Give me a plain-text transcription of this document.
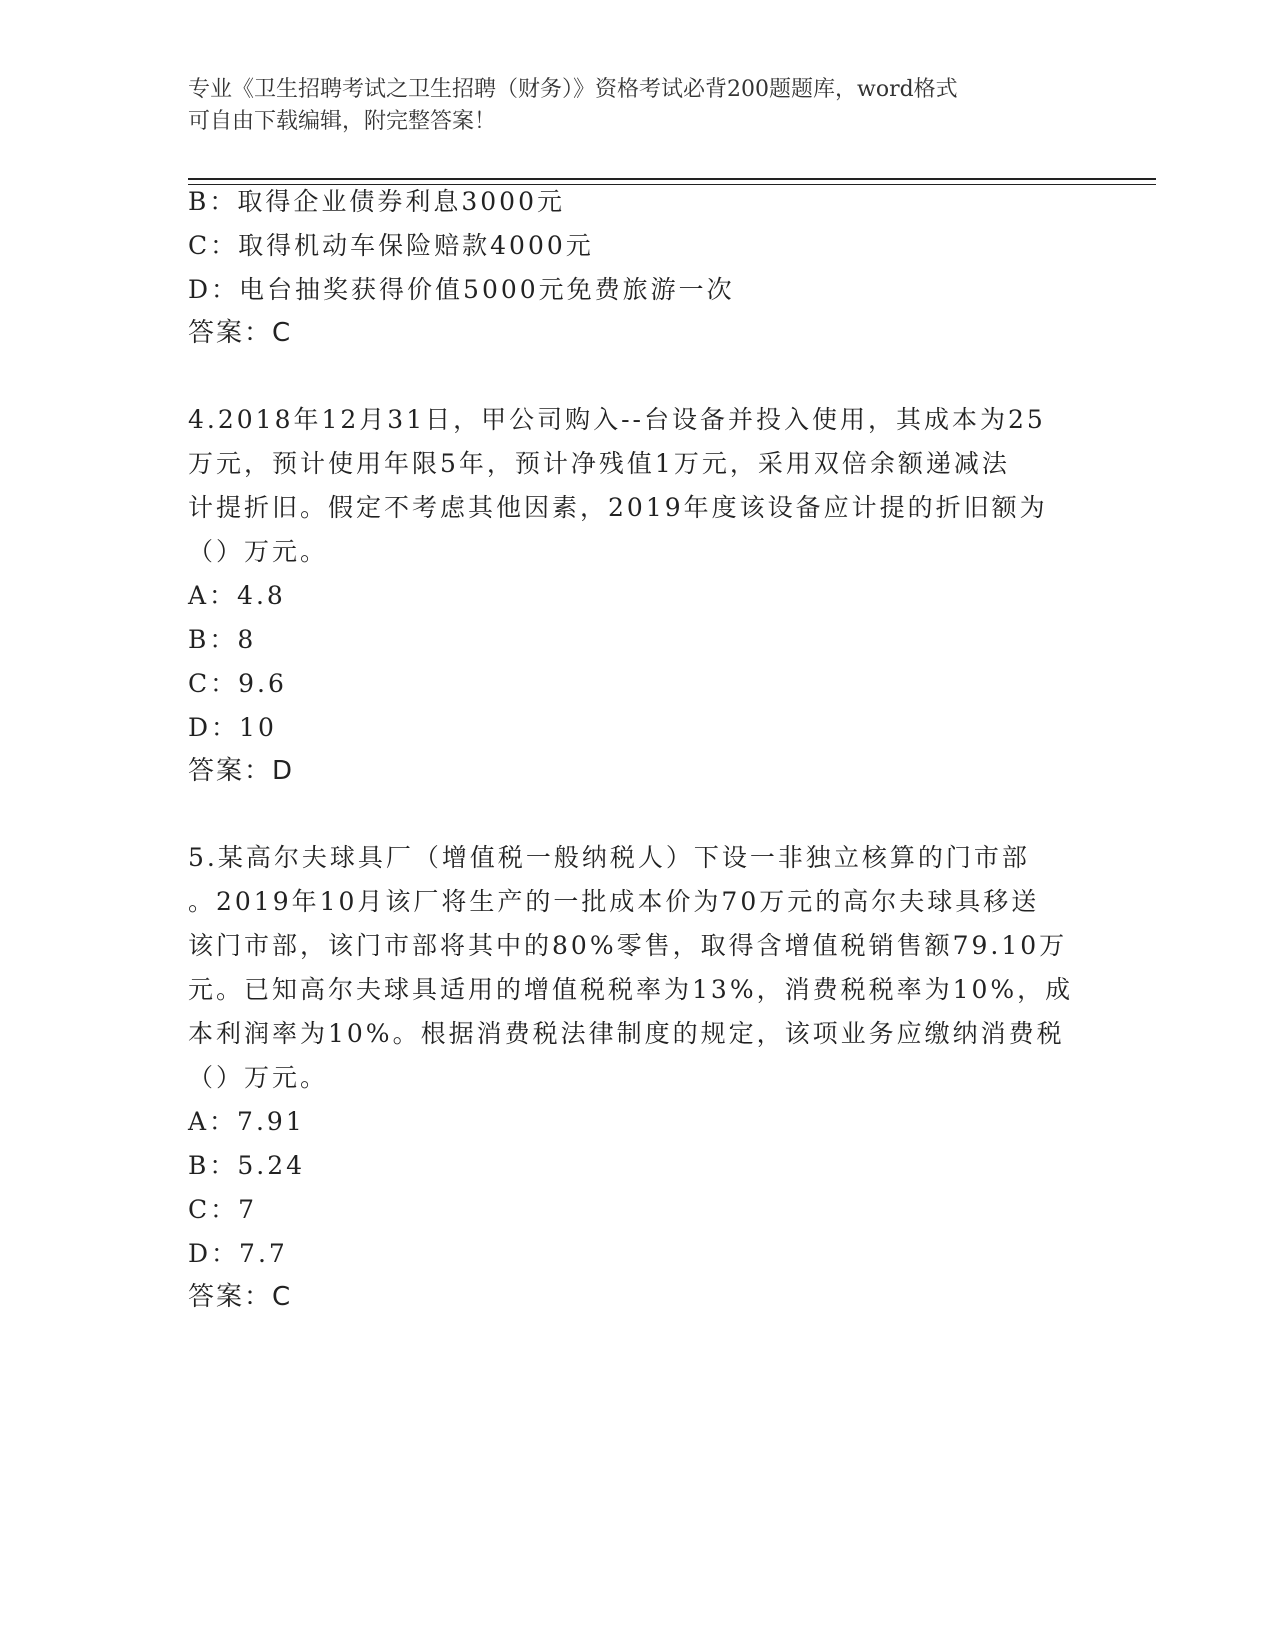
专业《卫生招聘考试之卫生招聘（财务）》资格考试必背200题题库，word格式
可自由下载编辑，附完整答案！
B：取得企业债券利息3000元
C：取得机动车保险赔款4000元
D：电台抽奖获得价值5000元免费旅游一次
答案：C
4.2018年12月31日，甲公司购入--台设备并投入使用，其成本为25
万元，预计使用年限5年，预计净残值1万元，采用双倍余额递减法
计提折旧。假定不考虑其他因素，2019年度该设备应计提的折旧额为
（）万元。
A：4.8
B：8
C：9.6
D：10
答案：D
5.某高尔夫球具厂（增值税一般纳税人）下设一非独立核算的门市部
。2019年10月该厂将生产的一批成本价为70万元的高尔夫球具移送
该门市部，该门市部将其中的80%零售，取得含增值税销售额79.10万
元。已知高尔夫球具适用的增值税税率为13%，消费税税率为10%，成
本利润率为10%。根据消费税法律制度的规定，该项业务应缴纳消费税
（）万元。
A：7.91
B：5.24
C：7
D：7.7
答案：C
